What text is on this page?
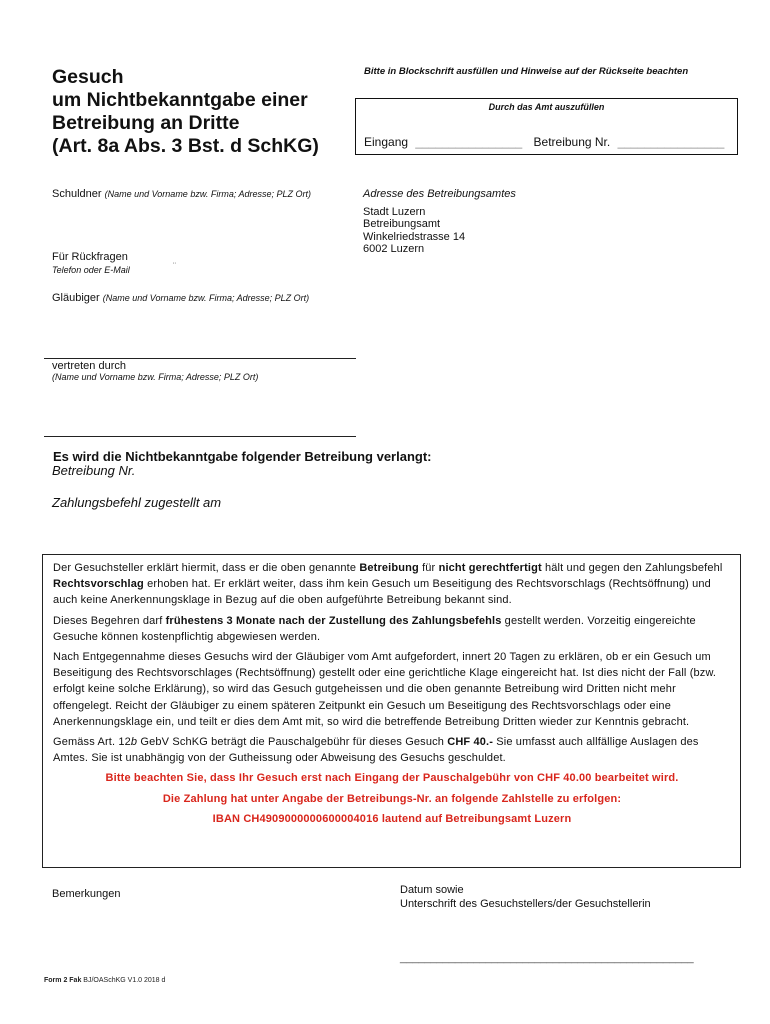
Gesuch
um Nichtbekanntgabe einer
Betreibung an Dritte
(Art. 8a Abs. 3 Bst. d SchKG)
Bitte in Blockschrift ausfüllen und Hinweise auf der Rückseite beachten
Durch das Amt auszufüllen
Eingang ________________ Betreibung Nr. ________________
Schuldner (Name und Vorname bzw. Firma; Adresse; PLZ Ort)
Für Rückfragen
Telefon oder E-Mail	¨
Gläubiger (Name und Vorname bzw. Firma; Adresse; PLZ Ort)
vertreten durch
(Name und Vorname bzw. Firma; Adresse; PLZ Ort)
Adresse des Betreibungsamtes
Stadt Luzern
Betreibungsamt
Winkelriedstrasse 14
6002 Luzern
Es wird die Nichtbekanntgabe folgender Betreibung verlangt:
Betreibung Nr.
Zahlungsbefehl zugestellt am

Der Gesuchsteller erklärt hiermit, dass er die oben genannte Betreibung für nicht gerechtfertigt hält und gegen den Zahlungsbefehl Rechtsvorschlag erhoben hat. Er erklärt weiter, dass ihm kein Gesuch um Beseitigung des Rechtsvorschlags (Rechtsöffnung) und auch keine Anerkennungsklage in Bezug auf die oben aufgeführte Betreibung bekannt sind.

Dieses Begehren darf frühestens 3 Monate nach der Zustellung des Zahlungsbefehls gestellt werden. Vorzeitig eingereichte Gesuche können kostenpflichtig abgewiesen werden.

Nach Entgegennahme dieses Gesuchs wird der Gläubiger vom Amt aufgefordert, innert 20 Tagen zu erklären, ob er ein Gesuch um Beseitigung des Rechtsvorschlages (Rechtsöffnung) gestellt oder eine gerichtliche Klage eingereicht hat. Ist dies nicht der Fall (bzw. erfolgt keine solche Erklärung), so wird das Gesuch gutgeheissen und die oben genannte Betreibung wird Dritten nicht mehr offengelegt. Reicht der Gläubiger zu einem späteren Zeitpunkt ein Gesuch um Beseitigung des Rechtsvorschlags oder eine Anerkennungsklage ein, und teilt er dies dem Amt mit, so wird die betreffende Betreibung Dritten wieder zur Kenntnis gebracht.

Gemäss Art. 12b GebV SchKG beträgt die Pauschalgebühr für dieses Gesuch CHF 40.- Sie umfasst auch allfällige Auslagen des Amtes. Sie ist unabhängig von der Gutheissung oder Abweisung des Gesuchs geschuldet.

Bitte beachten Sie, dass Ihr Gesuch erst nach Eingang der Pauschalgebühr von CHF 40.00 bearbeitet wird.

Die Zahlung hat unter Angabe der Betreibungs-Nr. an folgende Zahlstelle zu erfolgen:

IBAN CH4909000000600004016 lautend auf Betreibungsamt Luzern

Bemerkungen	Datum sowie
Unterschrift des Gesuchstellers/der Gesuchstellerin
________________________________________________
Form 2 Fak BJ/OASchKG V1.0 2018 d
